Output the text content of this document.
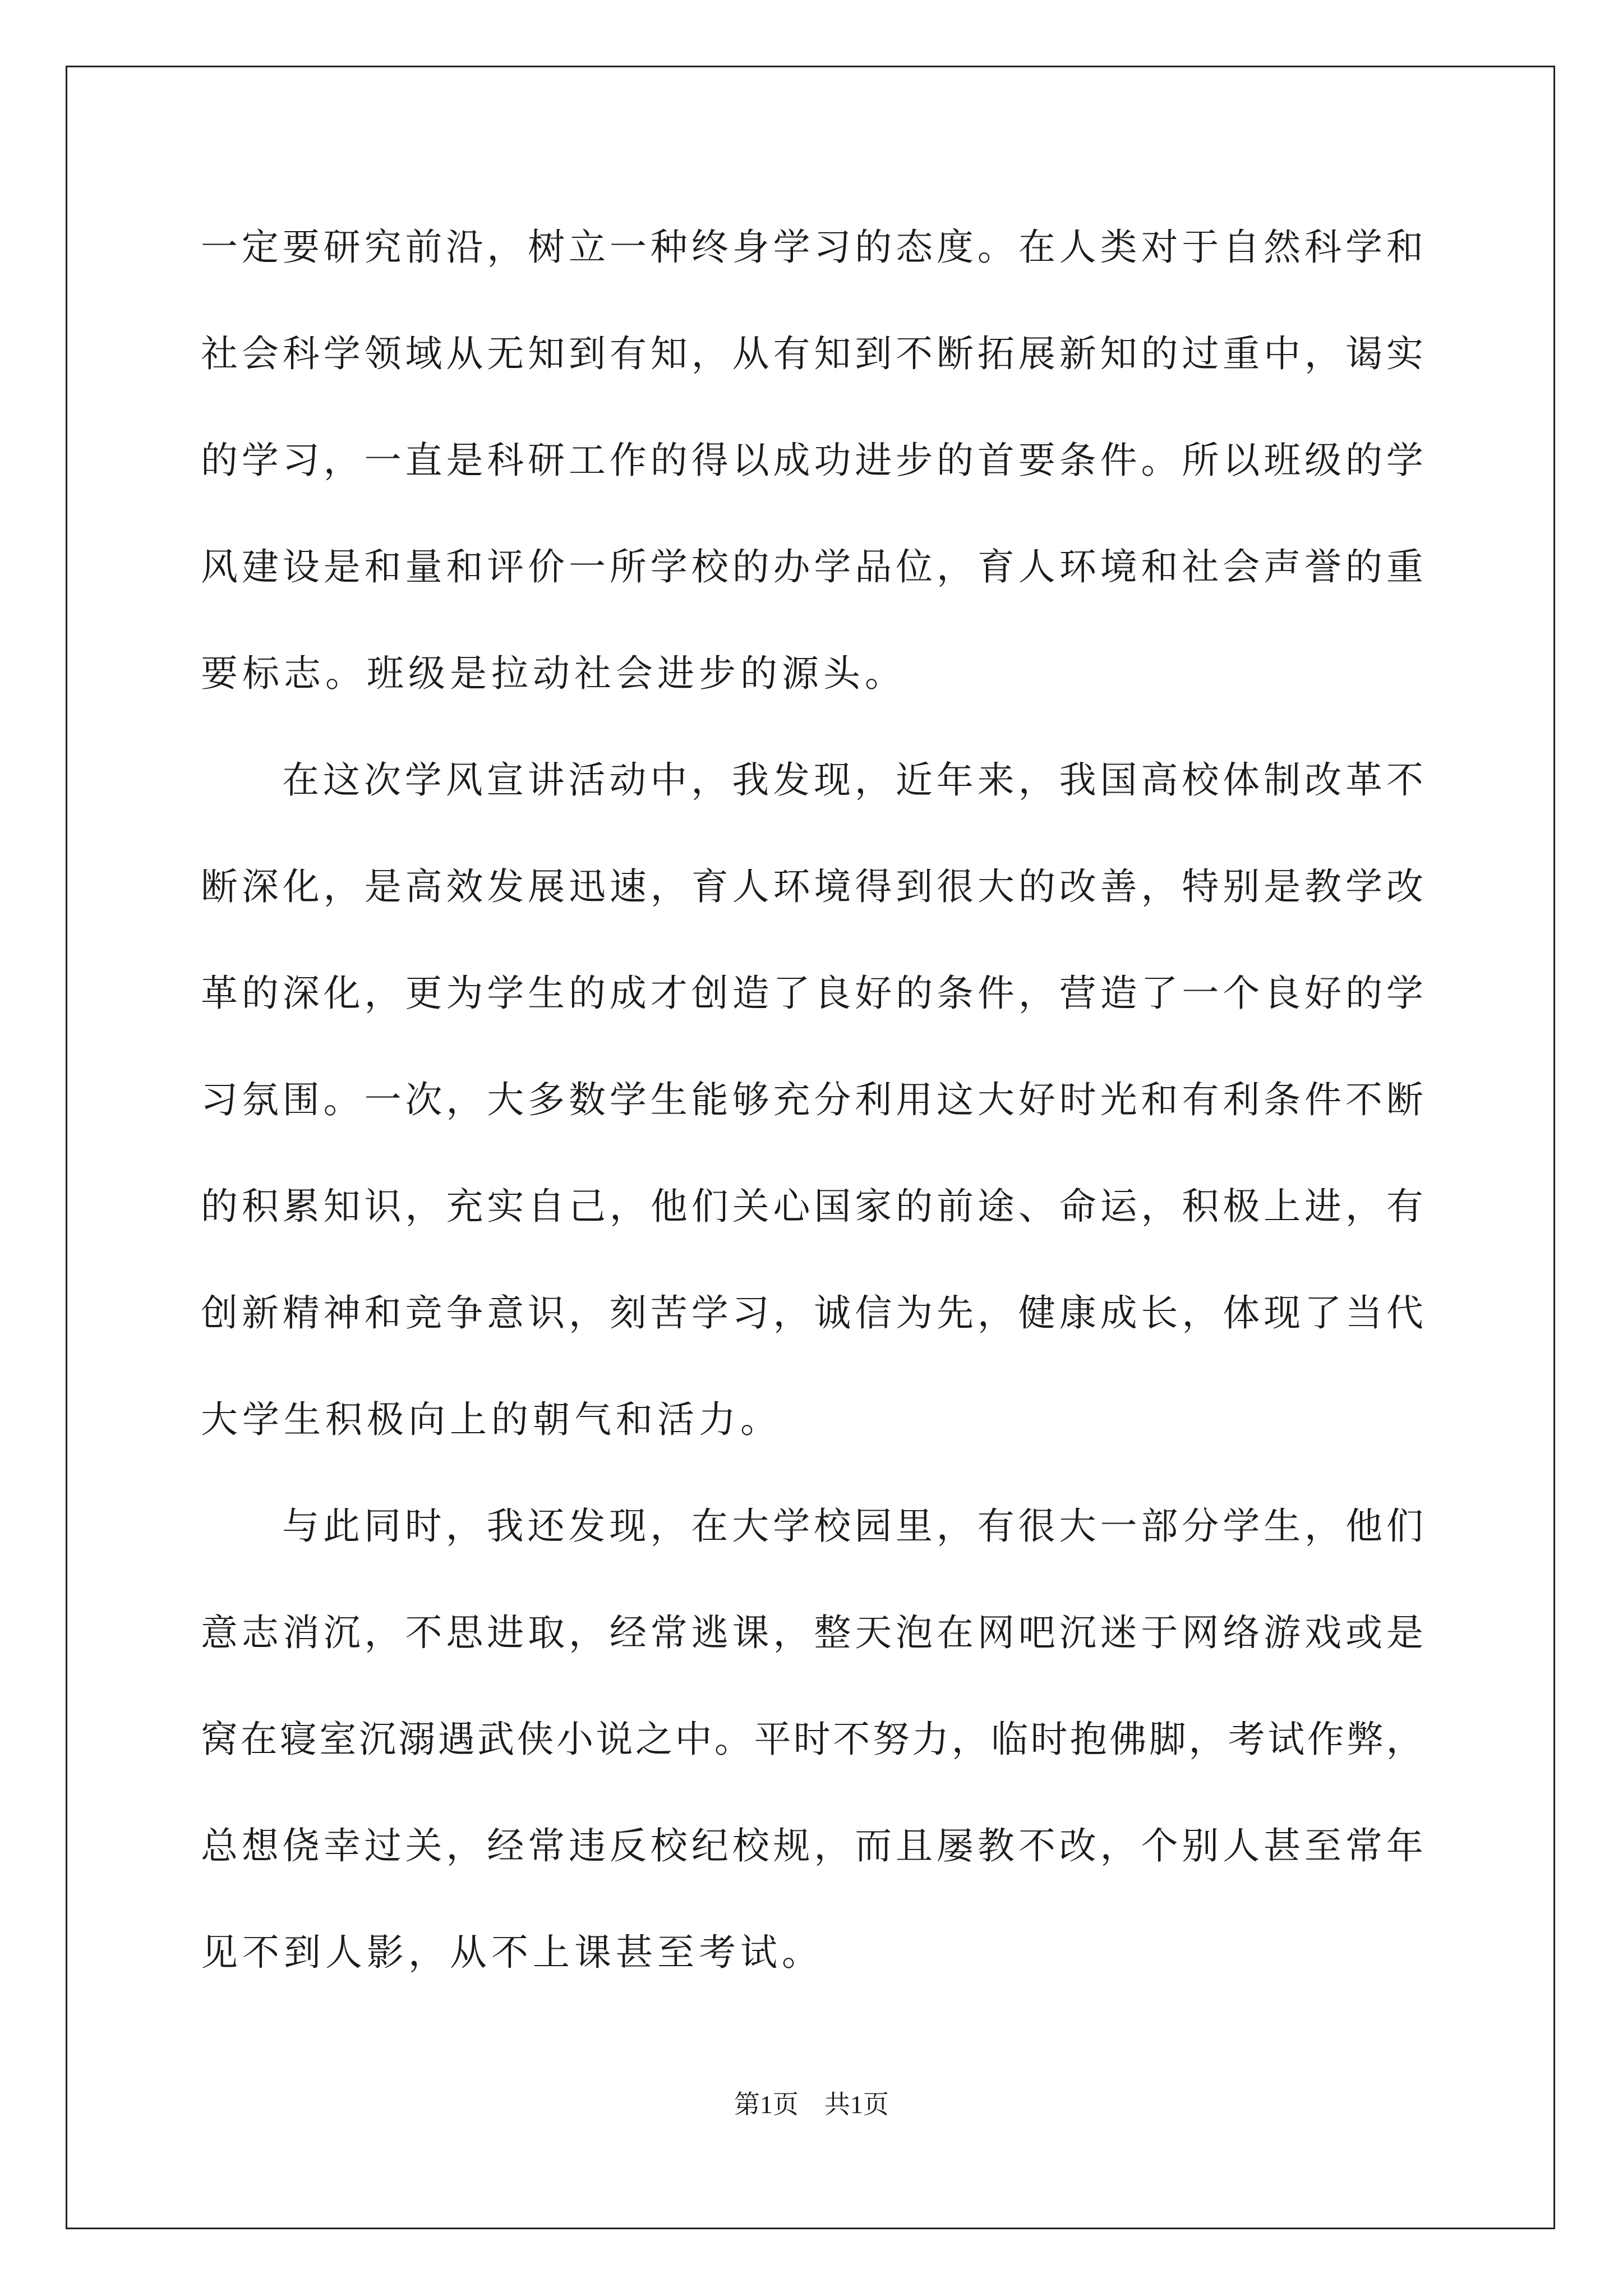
一 定 要 研 究 前 沿 ， 树 立 一 种 终 身 学 习 的 态 度 。 在 人 类 对 于 自 然 科 学 和
社 会 科 学 领 域 从 无 知 到 有 知 ， 从 有 知 到 不 断 拓 展 新 知 的 过 重 中 ， 谒 实
的 学 习 ， 一 直 是 科 研 工 作 的 得 以 成 功 进 步 的 首 要 条 件 。 所 以 班 级 的 学
风 建 设 是 和 量 和 评 价 一 所 学 校 的 办 学 品 位 ， 育 人 环 境 和 社 会 声 誉 的 重
要标志。班级是拉动社会进步的源头。
在 这 次 学 风 宣 讲 活 动 中 ， 我 发 现 ， 近 年 来 ， 我 国 高 校 体 制 改 革 不
断 深 化 ， 是 高 效 发 展 迅 速 ， 育 人 环 境 得 到 很 大 的 改 善 ， 特 别 是 教 学 改
革 的 深 化 ， 更 为 学 生 的 成 才 创 造 了 良 好 的 条 件 ， 营 造 了 一 个 良 好 的 学
习 氛 围 。 一 次 ， 大 多 数 学 生 能 够 充 分 利 用 这 大 好 时 光 和 有 利 条 件 不 断
的 积 累 知 识 ， 充 实 自 己 ， 他 们 关 心 国 家 的 前 途 、 命 运 ， 积 极 上 进 ， 有
创 新 精 神 和 竞 争 意 识 ， 刻 苦 学 习 ， 诚 信 为 先 ， 健 康 成 长 ， 体 现 了 当 代
大学生积极向上的朝气和活力。
与 此 同 时 ， 我 还 发 现 ， 在 大 学 校 园 里 ， 有 很 大 一 部 分 学 生 ， 他 们
意 志 消 沉 ， 不 思 进 取 ， 经 常 逃 课 ， 整 天 泡 在 网 吧 沉 迷 于 网 络 游 戏 或 是
窝 在 寝 室 沉 溺 遇 武 侠 小 说 之 中 。 平 时 不 努 力 ， 临 时 抱 佛 脚 ， 考 试 作 弊 ，
总 想 侥 幸 过 关 ， 经 常 违 反 校 纪 校 规 ， 而 且 屡 教 不 改 ， 个 别 人 甚 至 常 年
见不到人影，从不上课甚至考试。
第1页　共1页
